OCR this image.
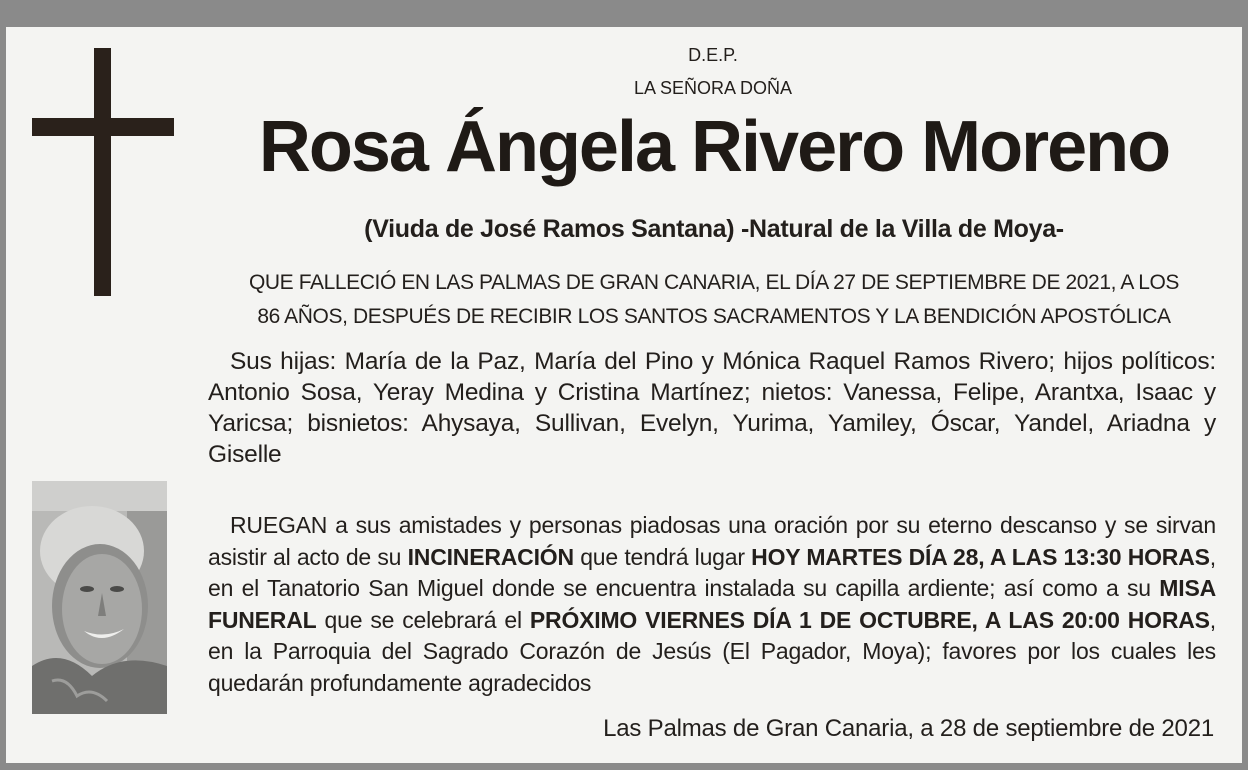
D.E.P.
LA SEÑORA DOÑA
Rosa Ángela Rivero Moreno
(Viuda de José Ramos Santana) -Natural de la Villa de Moya-
QUE FALLECIÓ EN LAS PALMAS DE GRAN CANARIA, EL DÍA 27 DE SEPTIEMBRE DE 2021, A LOS
86 AÑOS, DESPUÉS DE RECIBIR LOS SANTOS SACRAMENTOS Y LA BENDICIÓN APOSTÓLICA
Sus hijas: María de la Paz, María del Pino y Mónica Raquel Ramos Rivero; hijos políticos: Antonio Sosa, Yeray Medina y Cristina Martínez; nietos: Vanessa, Felipe, Arantxa, Isaac y Yaricsa; bisnietos: Ahysaya, Sullivan, Evelyn, Yurima, Yamiley, Óscar, Yandel, Ariadna y Giselle
RUEGAN a sus amistades y personas piadosas una oración por su eterno descanso y se sirvan asistir al acto de su INCINERACIÓN que tendrá lugar HOY MARTES DÍA 28, A LAS 13:30 HORAS, en el Tanatorio San Miguel donde se encuentra instalada su capilla ardiente; así como a su MISA FUNERAL que se celebrará el PRÓXIMO VIERNES DÍA 1 DE OCTUBRE, A LAS 20:00 HORAS, en la Parroquia del Sagrado Corazón de Jesús (El Pagador, Moya); favores por los cuales les quedarán profundamente agradecidos
Las Palmas de Gran Canaria, a 28 de septiembre de 2021
